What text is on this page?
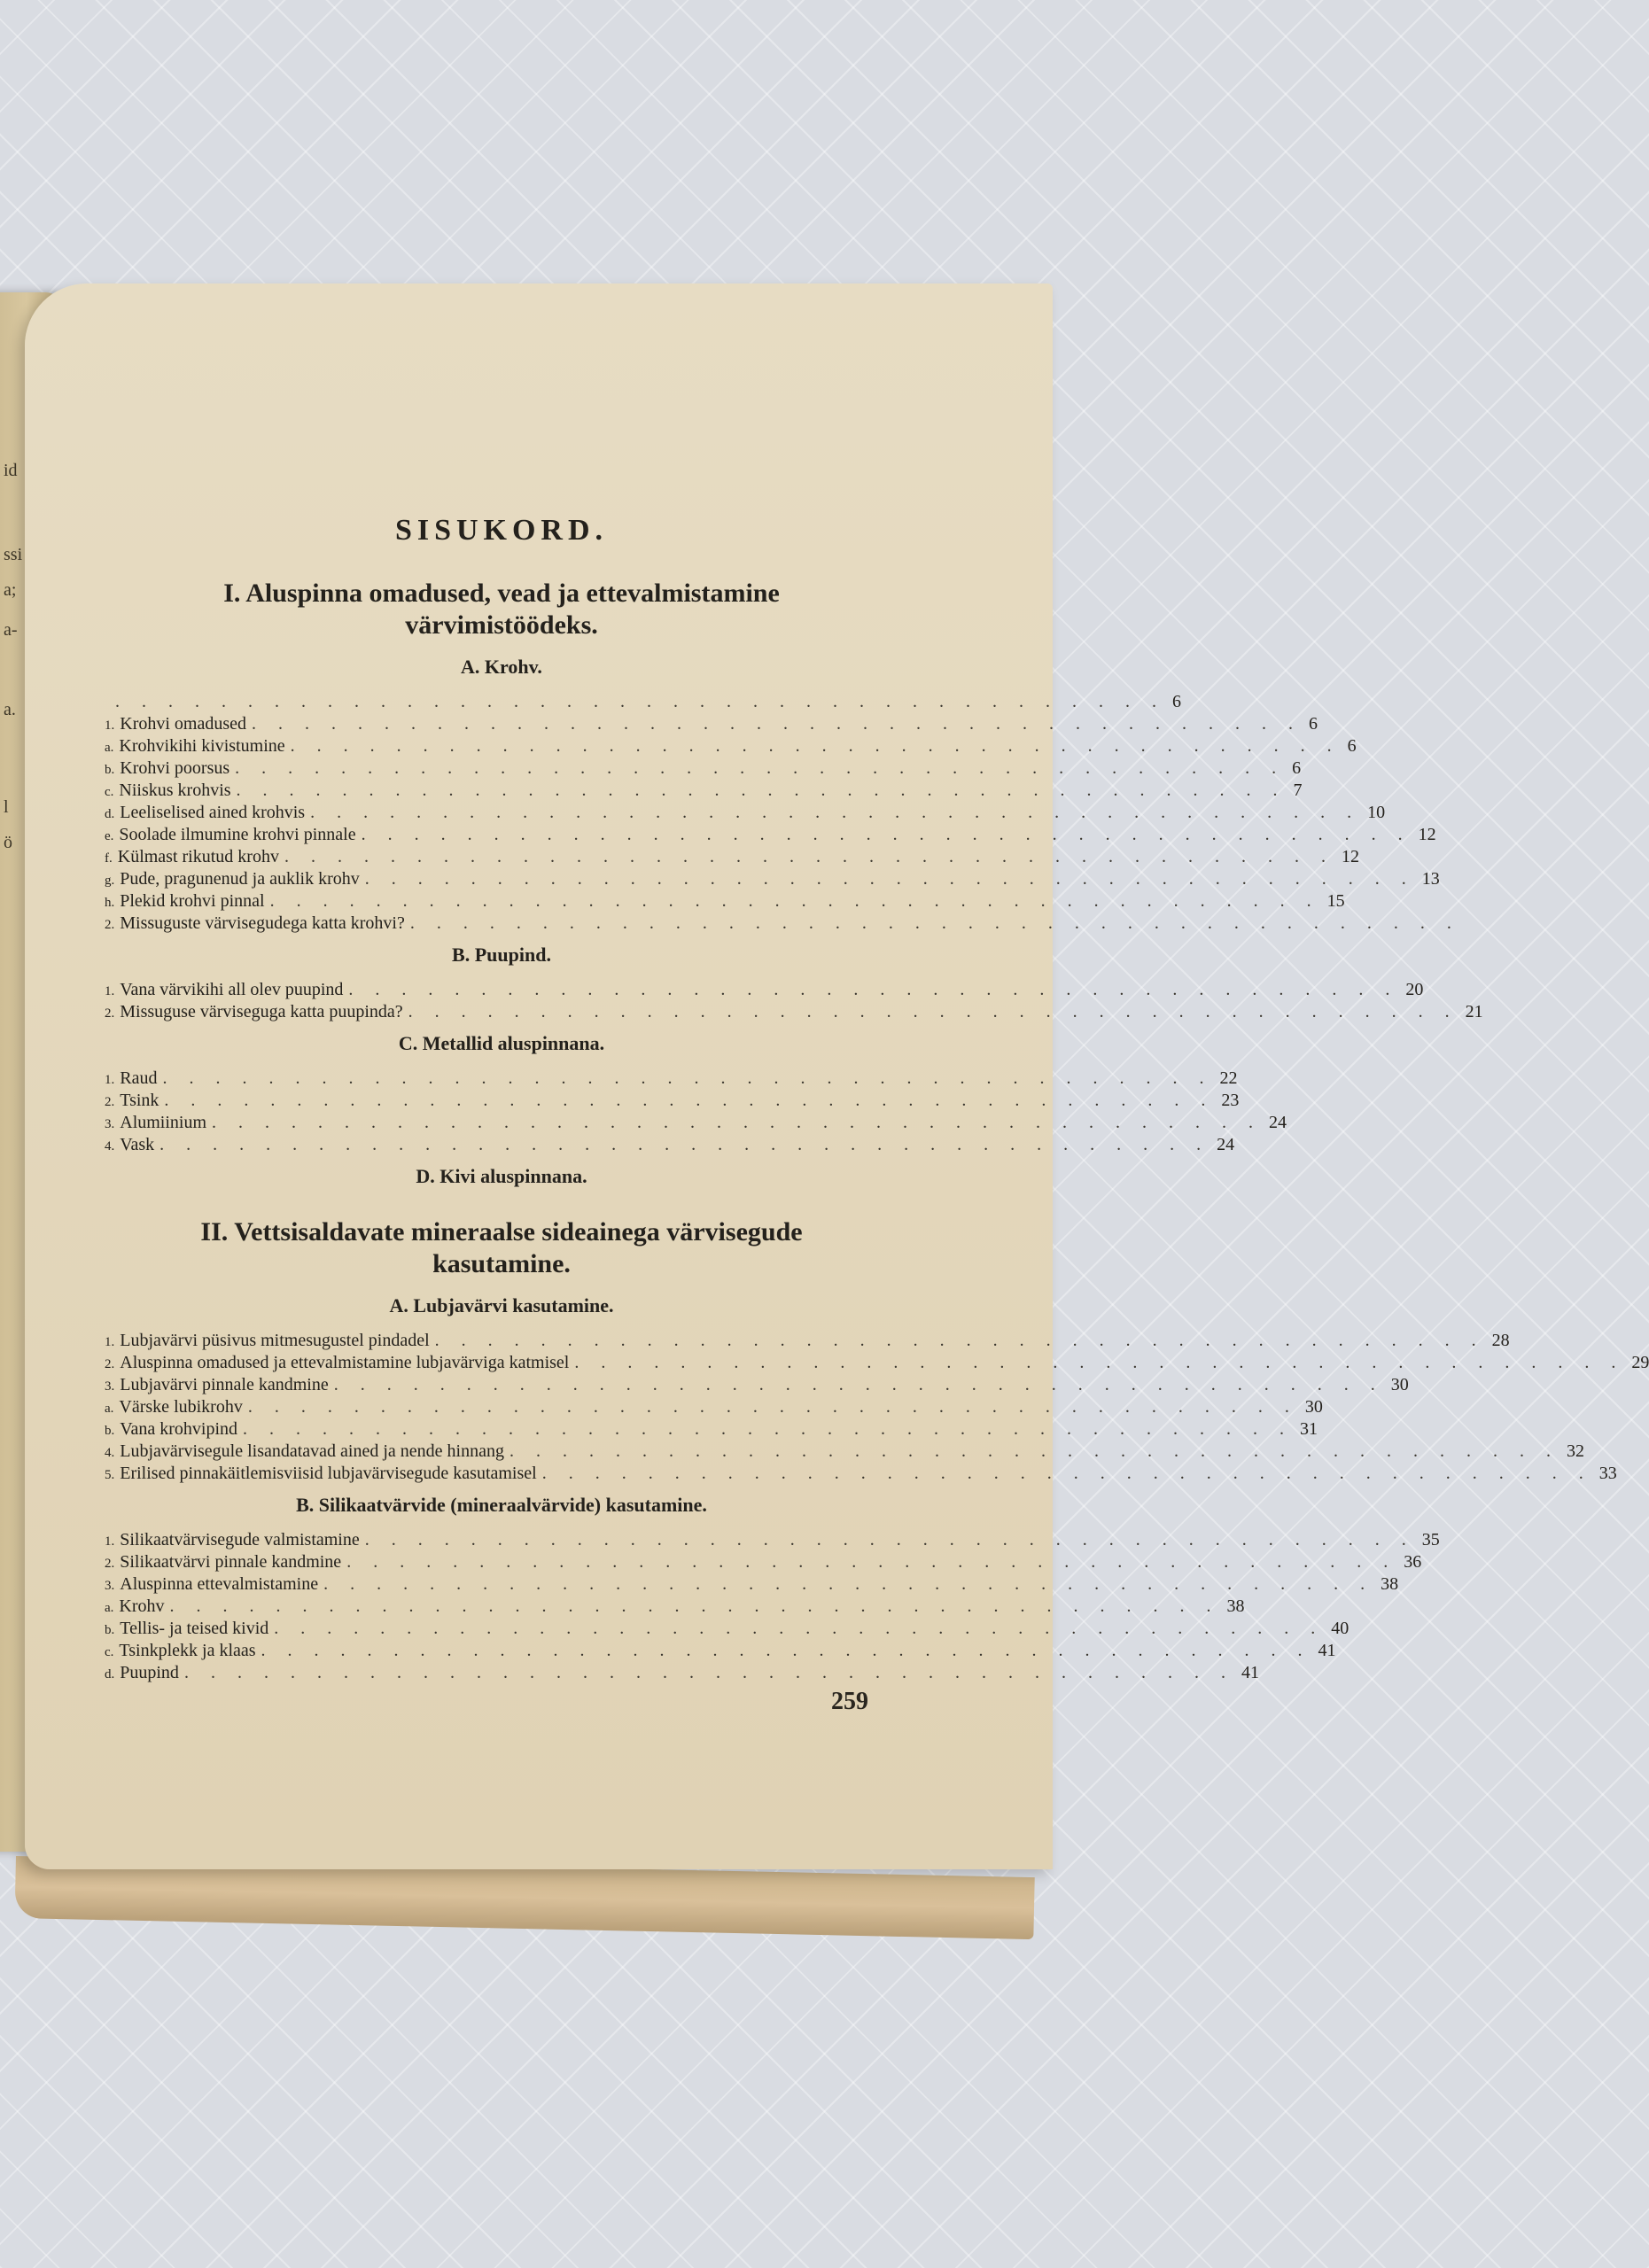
SISUKORD.
I. Aluspinna omadused, vead ja ettevalmistamine
värvimistöödeks.
A. Krohv.
. . . . . . . . . . . . . . . . . . . . . . . . . . . . . . . . . . . . . . . . 6
1. Krohvi omadused . . . . . . . . . . . . . . . . . . . . . . . . . . . . . . . . . . . . . . . . 6
a. Krohvikihi kivistumine . . . . . . . . . . . . . . . . . . . . . . . . . . . . . . . . . . . . . . . . 6
b. Krohvi poorsus . . . . . . . . . . . . . . . . . . . . . . . . . . . . . . . . . . . . . . . . 6
c. Niiskus krohvis . . . . . . . . . . . . . . . . . . . . . . . . . . . . . . . . . . . . . . . . 7
d. Leeliselised ained krohvis . . . . . . . . . . . . . . . . . . . . . . . . . . . . . . . . . . . . . . . . 10
e. Soolade ilmumine krohvi pinnale . . . . . . . . . . . . . . . . . . . . . . . . . . . . . . . . . . . . . . . . 12
f. Külmast rikutud krohv . . . . . . . . . . . . . . . . . . . . . . . . . . . . . . . . . . . . . . . . 12
g. Pude, pragunenud ja auklik krohv . . . . . . . . . . . . . . . . . . . . . . . . . . . . . . . . . . . . . . . . 13
h. Plekid krohvi pinnal . . . . . . . . . . . . . . . . . . . . . . . . . . . . . . . . . . . . . . . . 15
2. Missuguste värvisegudega katta krohvi? . . . . . . . . . . . . . . . . . . . . . . . . . . . . . . . . . . . . . . . .
B. Puupind.
1. Vana värvikihi all olev puupind . . . . . . . . . . . . . . . . . . . . . . . . . . . . . . . . . . . . . . . . 20
2. Missuguse värviseguga katta puupinda? . . . . . . . . . . . . . . . . . . . . . . . . . . . . . . . . . . . . . . . . 21
C. Metallid aluspinnana.
1. Raud . . . . . . . . . . . . . . . . . . . . . . . . . . . . . . . . . . . . . . . . 22
2. Tsink . . . . . . . . . . . . . . . . . . . . . . . . . . . . . . . . . . . . . . . . 23
3. Alumiinium . . . . . . . . . . . . . . . . . . . . . . . . . . . . . . . . . . . . . . . . 24
4. Vask . . . . . . . . . . . . . . . . . . . . . . . . . . . . . . . . . . . . . . . . 24
D. Kivi aluspinnana.
II. Vettsisaldavate mineraalse sideainega värvisegude
kasutamine.
A. Lubjavärvi kasutamine.
1. Lubjavärvi püsivus mitmesugustel pindadel . . . . . . . . . . . . . . . . . . . . . . . . . . . . . . . . . . . . . . . . 28
2. Aluspinna omadused ja ettevalmistamine lubjavärviga katmisel . . . . . . . . . . . . . . . . . . . . . . . . . . . . . . . . . . . . . . . . 29
3. Lubjavärvi pinnale kandmine . . . . . . . . . . . . . . . . . . . . . . . . . . . . . . . . . . . . . . . . 30
a. Värske lubikrohv . . . . . . . . . . . . . . . . . . . . . . . . . . . . . . . . . . . . . . . . 30
b. Vana krohvipind . . . . . . . . . . . . . . . . . . . . . . . . . . . . . . . . . . . . . . . . 31
4. Lubjavärvisegule lisandatavad ained ja nende hinnang . . . . . . . . . . . . . . . . . . . . . . . . . . . . . . . . . . . . . . . . 32
5. Erilised pinnakäitlemisviisid lubjavärvisegude kasutamisel . . . . . . . . . . . . . . . . . . . . . . . . . . . . . . . . . . . . . . . . 33
B. Silikaatvärvide (mineraalvärvide) kasutamine.
1. Silikaatvärvisegude valmistamine . . . . . . . . . . . . . . . . . . . . . . . . . . . . . . . . . . . . . . . . 35
2. Silikaatvärvi pinnale kandmine . . . . . . . . . . . . . . . . . . . . . . . . . . . . . . . . . . . . . . . . 36
3. Aluspinna ettevalmistamine . . . . . . . . . . . . . . . . . . . . . . . . . . . . . . . . . . . . . . . . 38
a. Krohv . . . . . . . . . . . . . . . . . . . . . . . . . . . . . . . . . . . . . . . . 38
b. Tellis- ja teised kivid . . . . . . . . . . . . . . . . . . . . . . . . . . . . . . . . . . . . . . . . 40
c. Tsinkplekk ja klaas . . . . . . . . . . . . . . . . . . . . . . . . . . . . . . . . . . . . . . . . 41
d. Puupind . . . . . . . . . . . . . . . . . . . . . . . . . . . . . . . . . . . . . . . . 41
259
id
ssi
a;
a-
a.
l
ö
